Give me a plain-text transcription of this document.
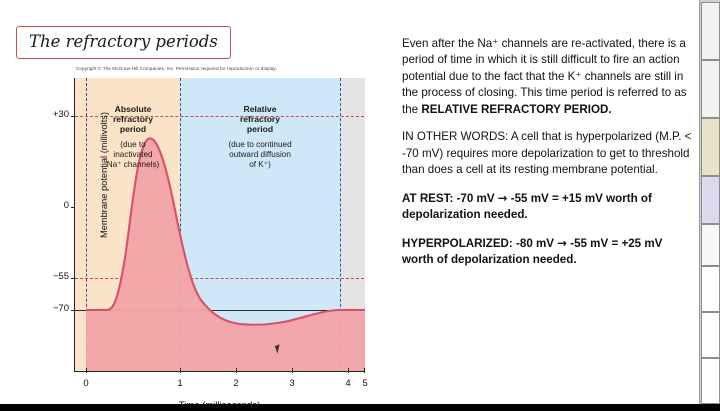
The refractory periods
Copyright © The McGraw-Hill Companies, Inc. Permission required for reproduction or display.
Absolute
refractory
period
(due to
inactivated
Na⁺ channels)
Relative
refractory
period
(due to continued
outward diffusion
of K⁺)
+30
0
−55
−70
0	1	2	3	4 5
Time (milliseconds)
Membrane potential (millivolts)

Even after the Na⁺ channels are re-activated, there is a period of time in which it is still difficult to fire an action potential due to the fact that the K⁺ channels are still in the process of closing. This time period is referred to as the RELATIVE REFRACTORY PERIOD.

IN OTHER WORDS: A cell that is hyperpolarized (M.P. < -70 mV) requires more depolarization to get to threshold than does a cell at its resting membrane potential.

AT REST: -70 mV → -55 mV = +15 mV worth of depolarization needed.

HYPERPOLARIZED: -80 mV → -55 mV = +25 mV worth of depolarization needed.
